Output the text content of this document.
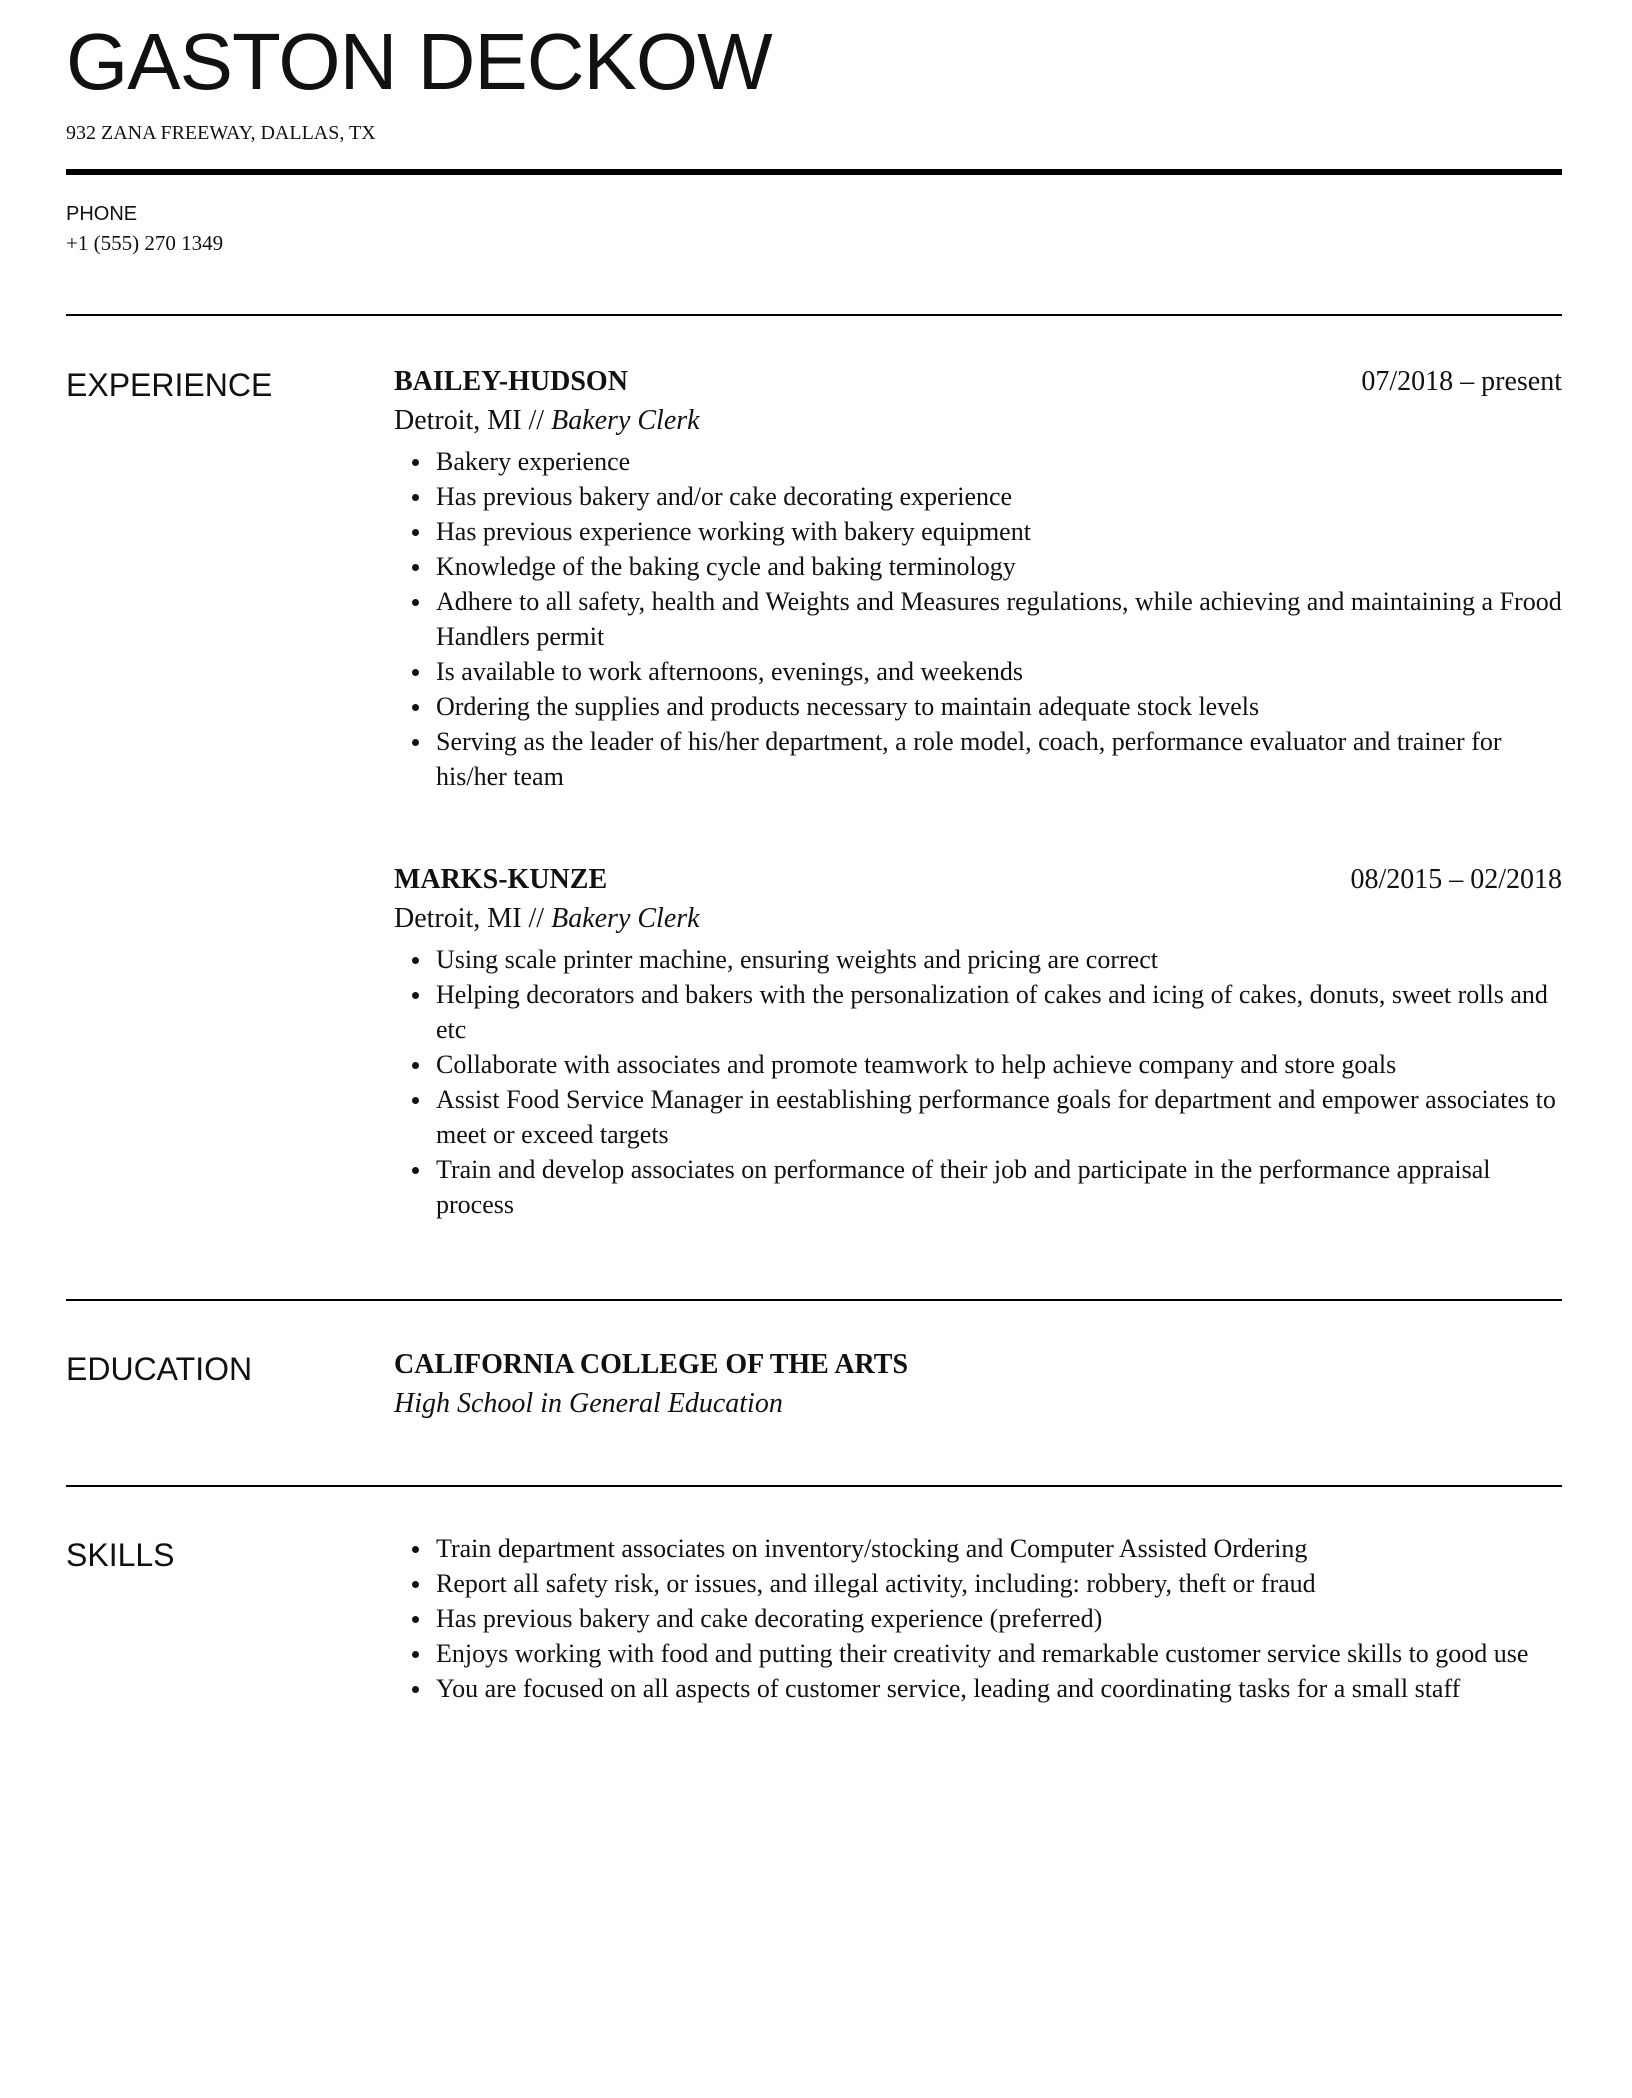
GASTON DECKOW
932 ZANA FREEWAY, DALLAS, TX
PHONE
+1 (555) 270 1349
EXPERIENCE	BAILEY-HUDSON	07/2018 – present
Detroit, MI // Bakery Clerk
Bakery experience
Has previous bakery and/or cake decorating experience
Has previous experience working with bakery equipment
Knowledge of the baking cycle and baking terminology
Adhere to all safety, health and Weights and Measures regulations, while achieving and maintaining a Frood Handlers permit
Is available to work afternoons, evenings, and weekends
Ordering the supplies and products necessary to maintain adequate stock levels
Serving as the leader of his/her department, a role model, coach, performance evaluator and trainer for his/her team
MARKS-KUNZE	08/2015 – 02/2018
Detroit, MI // Bakery Clerk
Using scale printer machine, ensuring weights and pricing are correct
Helping decorators and bakers with the personalization of cakes and icing of cakes, donuts, sweet rolls and etc
Collaborate with associates and promote teamwork to help achieve company and store goals
Assist Food Service Manager in eestablishing performance goals for department and empower associates to meet or exceed targets
Train and develop associates on performance of their job and participate in the performance appraisal process
EDUCATION	CALIFORNIA COLLEGE OF THE ARTS
High School in General Education
SKILLS	Train department associates on inventory/stocking and Computer Assisted Ordering
Report all safety risk, or issues, and illegal activity, including: robbery, theft or fraud
Has previous bakery and cake decorating experience (preferred)
Enjoys working with food and putting their creativity and remarkable customer service skills to good use
You are focused on all aspects of customer service, leading and coordinating tasks for a small staff
